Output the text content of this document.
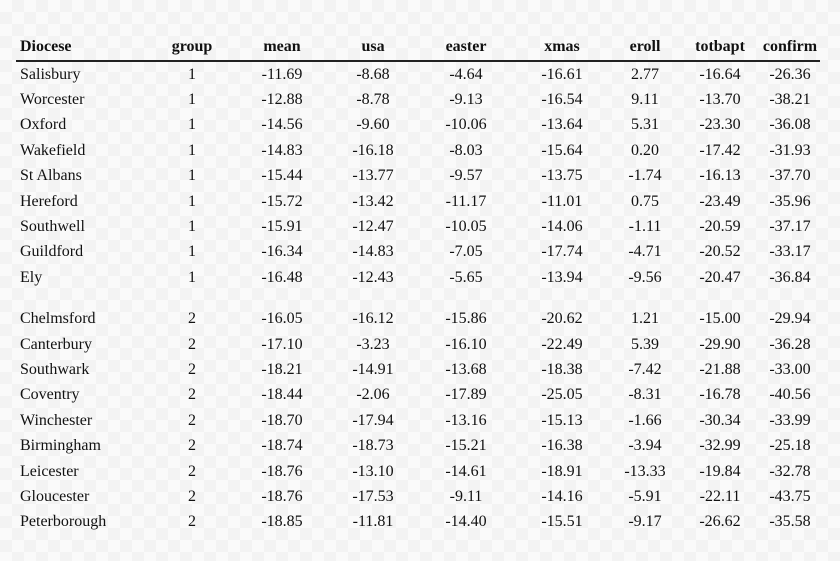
Diocese	group	mean	usa	easter	xmas	eroll	totbapt	confirm
Salisbury	1	-11.69	-8.68	-4.64	-16.61	2.77	-16.64	-26.36
Worcester	1	-12.88	-8.78	-9.13	-16.54	9.11	-13.70	-38.21
Oxford	1	-14.56	-9.60	-10.06	-13.64	5.31	-23.30	-36.08
Wakefield	1	-14.83	-16.18	-8.03	-15.64	0.20	-17.42	-31.93
St Albans	1	-15.44	-13.77	-9.57	-13.75	-1.74	-16.13	-37.70
Hereford	1	-15.72	-13.42	-11.17	-11.01	0.75	-23.49	-35.96
Southwell	1	-15.91	-12.47	-10.05	-14.06	-1.11	-20.59	-37.17
Guildford	1	-16.34	-14.83	-7.05	-17.74	-4.71	-20.52	-33.17
Ely	1	-16.48	-12.43	-5.65	-13.94	-9.56	-20.47	-36.84

Chelmsford	2	-16.05	-16.12	-15.86	-20.62	1.21	-15.00	-29.94
Canterbury	2	-17.10	-3.23	-16.10	-22.49	5.39	-29.90	-36.28
Southwark	2	-18.21	-14.91	-13.68	-18.38	-7.42	-21.88	-33.00
Coventry	2	-18.44	-2.06	-17.89	-25.05	-8.31	-16.78	-40.56
Winchester	2	-18.70	-17.94	-13.16	-15.13	-1.66	-30.34	-33.99
Birmingham	2	-18.74	-18.73	-15.21	-16.38	-3.94	-32.99	-25.18
Leicester	2	-18.76	-13.10	-14.61	-18.91	-13.33	-19.84	-32.78
Gloucester	2	-18.76	-17.53	-9.11	-14.16	-5.91	-22.11	-43.75
Peterborough	2	-18.85	-11.81	-14.40	-15.51	-9.17	-26.62	-35.58
